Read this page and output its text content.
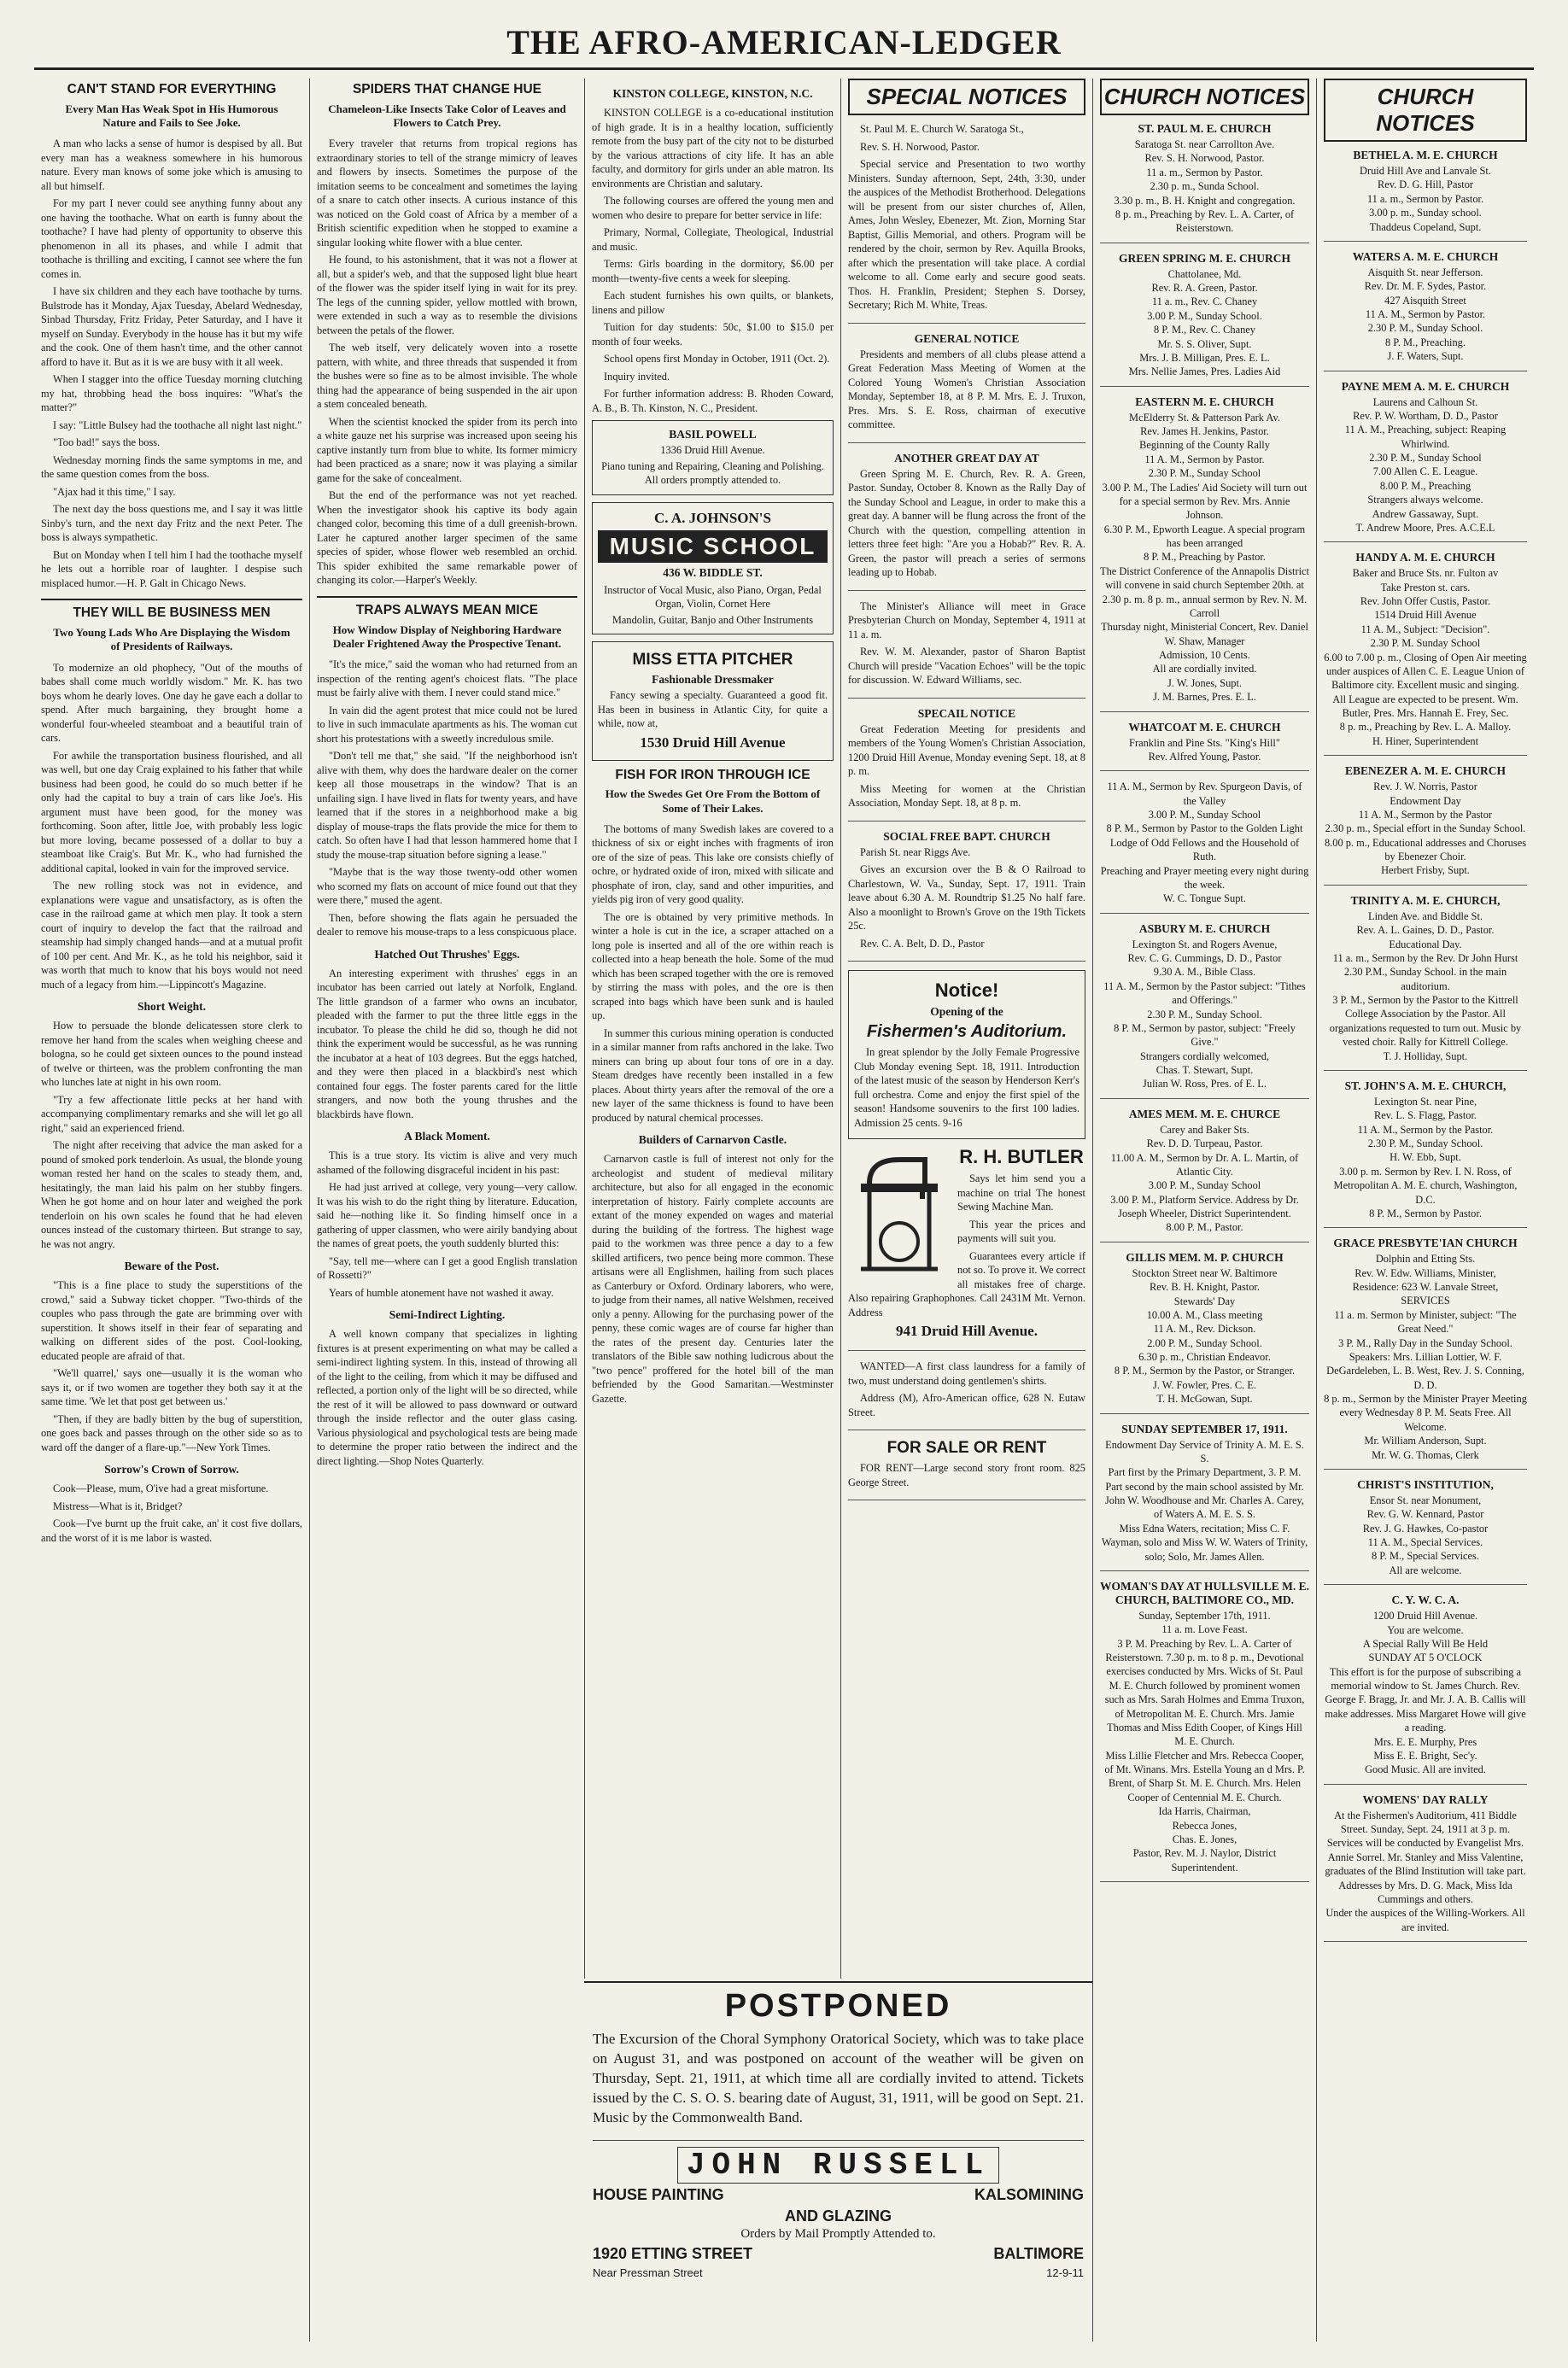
THE AFRO-AMERICAN-LEDGER
CAN'T STAND FOR EVERYTHING
Every Man Has Weak Spot in His Humorous Nature and Fails to See Joke.

A man who lacks a sense of humor is despised by all. But every man has a weakness somewhere in his humorous nature. Every man knows of some joke which is amusing to all but himself.

For my part I never could see anything funny about any one having the toothache. What on earth is funny about the toothache? I have had plenty of opportunity to observe this phenomenon in all its phases, and while I admit that toothache is thrilling and exciting, I cannot see where the fun comes in.

I have six children and they each have toothache by turns. Bulstrode has it Monday, Ajax Tuesday, Abelard Wednesday, Sinbad Thursday, Fritz Friday, Peter Saturday, and I have it myself on Sunday. Everybody in the house has it but my wife and the cook. One of them hasn't time, and the other cannot afford to have it. But as it is we are busy with it all week.

When I stagger into the office Tuesday morning clutching my hat, throbbing head the boss inquires: "What's the matter?"

I say: "Little Bulsey had the toothache all night last night."

"Too bad!" says the boss.

Wednesday morning finds the same symptoms in me, and the same question comes from the boss.

"Ajax had it this time," I say.

The next day the boss questions me, and I say it was little Sinby's turn, and the next day Fritz and the next Peter. The boss is always sympathetic.

But on Monday when I tell him I had the toothache myself he lets out a horrible roar of laughter. I despise such misplaced humor.—H. P. Galt in Chicago News.

THEY WILL BE BUSINESS MEN
Two Young Lads Who Are Displaying the Wisdom of Presidents of Railways.

To modernize an old phophecy, "Out of the mouths of babes shall come much worldly wisdom." Mr. K. has two boys whom he dearly loves. One day he gave each a dollar to spend. After much bargaining, they brought home a wonderful four-wheeled steamboat and a beautiful train of cars.

For awhile the transportation business flourished, and all was well, but one day Craig explained to his father that while business had been good, he could do so much better if he only had the capital to buy a train of cars like Joe's. His argument must have been good, for the money was forthcoming. Soon after, little Joe, with probably less logic but more loving, became possessed of a dollar to buy a steamboat like Craig's. But Mr. K., who had furnished the additional capital, looked in vain for the improved service.

The new rolling stock was not in evidence, and explanations were vague and unsatisfactory, as is often the case in the railroad game at which men play. It took a stern court of inquiry to develop the fact that the railroad and steamship had simply changed hands—and at a mutual profit of 100 per cent. And Mr. K., as he told his neighbor, said it was worth that much to know that his boys would not need much of a legacy from him.—Lippincott's Magazine.

Short Weight.

How to persuade the blonde delicatessen store clerk to remove her hand from the scales when weighing cheese and bologna, so he could get sixteen ounces to the pound instead of twelve or thirteen, was the problem confronting the man who lunches late at night in his own room.

"Try a few affectionate little pecks at her hand with accompanying complimentary remarks and she will let go all right," said an experienced friend.

The night after receiving that advice the man asked for a pound of smoked pork tenderloin. As usual, the blonde young woman rested her hand on the scales to steady them, and, hesitatingly, the man laid his palm on her stubby fingers. When he got home and on hour later and weighed the pork tenderloin on his own scales he found that he had eleven ounces instead of the customary thirteen. But strange to say, he was not angry.

Beware of the Post.

"This is a fine place to study the superstitions of the crowd," said a Subway ticket chopper. "Two-thirds of the couples who pass through the gate are brimming over with superstition. It shows itself in their fear of separating and walking on different sides of the post. Cool-looking, educated people are afraid of that.

"We'll quarrel,' says one—usually it is the woman who says it, or if two women are together they both say it at the same time. 'We let that post get between us.'

"Then, if they are badly bitten by the bug of superstition, one goes back and passes through on the other side so as to ward off the danger of a flare-up."—New York Times.

Sorrow's Crown of Sorrow.

Cook—Please, mum, O'ive had a great misfortune.

Mistress—What is it, Bridget?

Cook—I've burnt up the fruit cake, an' it cost five dollars, and the worst of it is me labor is wasted.

SPIDERS THAT CHANGE HUE
Chameleon-Like Insects Take Color of Leaves and Flowers to Catch Prey.

Every traveler that returns from tropical regions has extraordinary stories to tell of the strange mimicry of leaves and flowers by insects. Sometimes the purpose of the imitation seems to be concealment and sometimes the laying of a snare to catch other insects. A curious instance of this was noticed on the Gold coast of Africa by a member of a British scientific expedition when he stopped to examine a singular looking white flower with a blue center.

He found, to his astonishment, that it was not a flower at all, but a spider's web, and that the supposed light blue heart of the flower was the spider itself lying in wait for its prey. The legs of the cunning spider, yellow mottled with brown, were extended in such a way as to resemble the divisions between the petals of the flower.

The web itself, very delicately woven into a rosette pattern, with white, and three threads that suspended it from the bushes were so fine as to be almost invisible. The whole thing had the appearance of being suspended in the air upon a stem concealed beneath.

When the scientist knocked the spider from its perch into a white gauze net his surprise was increased upon seeing his captive instantly turn from blue to white. Its former mimicry had been practiced as a snare; now it was playing a similar game for the sake of concealment.

But the end of the performance was not yet reached. When the investigator shook his captive its body again changed color, becoming this time of a dull greenish-brown. Later he captured another larger specimen of the same species of spider, whose flower web resembled an orchid. This spider exhibited the same remarkable power of changing its color.—Harper's Weekly.

TRAPS ALWAYS MEAN MICE
How Window Display of Neighboring Hardware Dealer Frightened Away the Prospective Tenant.

"It's the mice," said the woman who had returned from an inspection of the renting agent's choicest flats. "The place must be fairly alive with them. I never could stand mice."

In vain did the agent protest that mice could not be lured to live in such immaculate apartments as his. The woman cut short his protestations with a sweetly incredulous smile.

"Don't tell me that," she said. "If the neighborhood isn't alive with them, why does the hardware dealer on the corner keep all those mousetraps in the window? That is an unfailing sign. I have lived in flats for twenty years, and have learned that if the stores in a neighborhood make a big display of mouse-traps the flats provide the mice for them to catch. So often have I had that lesson hammered home that I study the mouse-trap situation before signing a lease."

"Maybe that is the way those twenty-odd other women who scorned my flats on account of mice found out that they were there," mused the agent.

Then, before showing the flats again he persuaded the dealer to remove his mouse-traps to a less conspicuous place.

Hatched Out Thrushes' Eggs.

An interesting experiment with thrushes' eggs in an incubator has been carried out lately at Norfolk, England. The little grandson of a farmer who owns an incubator, pleaded with the farmer to put the three little eggs in the incubator. To please the child he did so, though he did not think the experiment would be successful, as he was running the incubator at a heat of 103 degrees. But the eggs hatched, and they were then placed in a blackbird's nest which contained four eggs. The foster parents cared for the little strangers, and now both the young thrushes and the blackbirds have flown.

A Black Moment.

This is a true story. Its victim is alive and very much ashamed of the following disgraceful incident in his past:

He had just arrived at college, very young—very callow. It was his wish to do the right thing by literature. Education, said he—nothing like it. So finding himself once in a gathering of upper classmen, who were airily bandying about the names of great poets, the youth suddenly blurted this:

"Say, tell me—where can I get a good English translation of Rossetti?"

Years of humble atonement have not washed it away.

Semi-Indirect Lighting.

A well known company that specializes in lighting fixtures is at present experimenting on what may be called a semi-indirect lighting system. In this, instead of throwing all of the light to the ceiling, from which it may be diffused and reflected, a portion only of the light will be so directed, while the rest of it will be allowed to pass downward or outward through the inside reflector and the outer glass casing. Various physiological and psychological tests are being made to determine the proper ratio between the indirect and the direct lighting.—Shop Notes Quarterly.

KINSTON COLLEGE, KINSTON, N.C.

KINSTON COLLEGE is a co-educational institution of high grade. It is in a healthy location, sufficiently remote from the busy part of the city not to be disturbed by the various attractions of city life. It has an able faculty, and dormitory for girls under an able matron. Its environments are Christian and salutary.

The following courses are offered the young men and women who desire to prepare for better service in life:

Primary, Normal, Collegiate, Theological, Industrial and music.

Terms: Girls boarding in the dormitory, $6.00 per month—twenty-five cents a week for sleeping.

Each student furnishes his own quilts, or blankets, linens and pillow

Tuition for day students: 50c, $1.00 to $15.0 per month of four weeks.

School opens first Monday in October, 1911 (Oct. 2).

Inquiry invited.

For further information address: B. Rhoden Coward, A. B., B. Th. Kinston, N. C., President.

BASIL POWELL

1336 Druid Hill Avenue.

Piano tuning and Repairing, Cleaning and Polishing. All orders promptly attended to.

C. A. JOHNSON'S
MUSIC SCHOOL
436 W. BIDDLE ST.

Instructor of Vocal Music, also Piano, Organ, Pedal Organ, Violin, Cornet Here

Mandolin, Guitar, Banjo and Other Instruments

MISS ETTA PITCHER
Fashionable Dressmaker

Fancy sewing a specialty. Guaranteed a good fit. Has been in business in Atlantic City, for quite a while, now at,

1530 Druid Hill Avenue
FISH FOR IRON THROUGH ICE
How the Swedes Get Ore From the Bottom of Some of Their Lakes.

The bottoms of many Swedish lakes are covered to a thickness of six or eight inches with fragments of iron ore of the size of peas. This lake ore consists chiefly of ochre, or hydrated oxide of iron, mixed with silicate and phosphate of iron, clay, sand and other impurities, and yields pig iron of very good quality.

The ore is obtained by very primitive methods. In winter a hole is cut in the ice, a scraper attached on a long pole is inserted and all of the ore within reach is collected into a heap beneath the hole. Some of the mud which has been scraped together with the ore is removed by stirring the mass with poles, and the ore is then scraped into bags which have been sunk and is hauled up.

In summer this curious mining operation is conducted in a similar manner from rafts anchored in the lake. Two miners can bring up about four tons of ore in a day. Steam dredges have recently been installed in a few places. About thirty years after the removal of the ore a new layer of the same thickness is found to have been produced by natural chemical processes.

Builders of Carnarvon Castle.

Carnarvon castle is full of interest not only for the archeologist and student of medieval military architecture, but also for all engaged in the economic interpretation of history. Fairly complete accounts are extant of the money expended on wages and material during the building of the fortress. The highest wage paid to the workmen was three pence a day to a few skilled artificers, two pence being more common. These artisans were all Englishmen, hailing from such places as Canterbury or Oxford. Ordinary laborers, who were, to judge from their names, all native Welshmen, received only a penny. Allowing for the purchasing power of the penny, these comic wages are of course far higher than the rates of the present day. Centuries later the translators of the Bible saw nothing ludicrous about the "two pence" proffered for the hotel bill of the man befriended by the Good Samaritan.—Westminster Gazette.

SPECIAL NOTICES

St. Paul M. E. Church W. Saratoga St.,

Rev. S. H. Norwood, Pastor.

Special service and Presentation to two worthy Ministers. Sunday afternoon, Sept, 24th, 3:30, under the auspices of the Methodist Brotherhood. Delegations will be present from our sister churches of, Allen, Ames, John Wesley, Ebenezer, Mt. Zion, Morning Star Baptist, Gillis Memorial, and others. Program will be rendered by the choir, sermon by Rev. Aquilla Brooks, after which the presentation will take place. A cordial welcome to all. Come early and secure good seats. Thos. H. Franklin, President; Stephen S. Dorsey, Secretary; Rich M. White, Treas.

GENERAL NOTICE

Presidents and members of all clubs please attend a Great Federation Mass Meeting of Women at the Colored Young Women's Christian Association Monday, September 18, at 8 P. M. Mrs. E. J. Truxon, Pres. Mrs. S. E. Ross, chairman of executive committee.

ANOTHER GREAT DAY AT

Green Spring M. E. Church, Rev. R. A. Green, Pastor. Sunday, October 8. Known as the Rally Day of the Sunday School and League, in order to make this a great day. A banner will be flung across the front of the Church with the question, compelling attention in letters three feet high: "Are you a Hobab?" Rev. R. A. Green, the pastor will preach a series of sermons leading up to Hobab.

The Minister's Alliance will meet in Grace Presbyterian Church on Monday, September 4, 1911 at 11 a. m.

Rev. W. M. Alexander, pastor of Sharon Baptist Church will preside "Vacation Echoes" will be the topic for discussion. W. Edward Williams, sec.

SPECAIL NOTICE

Great Federation Meeting for presidents and members of the Young Women's Christian Association, 1200 Druid Hill Avenue, Monday evening Sept. 18, at 8 p. m.

Miss Meeting for women at the Christian Association, Monday Sept. 18, at 8 p. m.

SOCIAL FREE BAPT. CHURCH

Parish St. near Riggs Ave.

Gives an excursion over the B & O Railroad to Charlestown, W. Va., Sunday, Sept. 17, 1911. Train leave about 6.30 A. M. Roundtrip $1.25 No half fare. Also a moonlight to Brown's Grove on the 19th Tickets 25c.

Rev. C. A. Belt, D. D., Pastor

Notice!
Opening of the
Fishermen's Auditorium.

In great splendor by the Jolly Female Progressive Club Monday evening Sept. 18, 1911. Introduction of the latest music of the season by Henderson Kerr's full orchestra. Come and enjoy the first spiel of the season! Handsome souvenirs to the first 100 ladies. Admission 25 cents. 9-16

R. H. BUTLER

Says let him send you a machine on trial The honest Sewing Machine Man.

This year the prices and payments will suit you.

Guarantees every article if not so. To prove it. We correct all mistakes free of charge. Also repairing Graphophones. Call 2431M Mt. Vernon. Address

941 Druid Hill Avenue.

WANTED—A first class laundress for a family of two, must understand doing gentlemen's shirts.

Address (M), Afro-American office, 628 N. Eutaw Street.

FOR SALE OR RENT

FOR RENT—Large second story front room. 825 George Street.

CHURCH NOTICES
ST. PAUL M. E. CHURCH
Saratoga St. near Carrollton Ave.
Rev. S. H. Norwood, Pastor.
11 a. m., Sermon by Pastor.
2.30 p. m., Sunda School.
3.30 p. m., B. H. Knight and congregation.
8 p. m., Preaching by Rev. L. A. Carter, of Reisterstown.
GREEN SPRING M. E. CHURCH
Chattolanee, Md.
Rev. R. A. Green, Pastor.
11 a. m., Rev. C. Chaney
3.00 P. M., Sunday School.
8 P. M., Rev. C. Chaney
Mr. S. S. Oliver, Supt.
Mrs. J. B. Milligan, Pres. E. L.
Mrs. Nellie James, Pres. Ladies Aid
EASTERN M. E. CHURCH
McElderry St. & Patterson Park Av.
Rev. James H. Jenkins, Pastor.
Beginning of the County Rally
11 A. M., Sermon by Pastor.
2.30 P. M., Sunday School
3.00 P. M., The Ladies' Aid Society will turn out for a special sermon by Rev. Mrs. Annie Johnson.
6.30 P. M., Epworth League. A special program has been arranged
8 P. M., Preaching by Pastor.
The District Conference of the Annapolis District will convene in said church September 20th. at 2.30 p. m. 8 p. m., annual sermon by Rev. N. M. Carroll
Thursday night, Ministerial Concert, Rev. Daniel W. Shaw, Manager
Admission, 10 Cents.
All are cordially invited.
J. W. Jones, Supt.
J. M. Barnes, Pres. E. L.
WHATCOAT M. E. CHURCH
Franklin and Pine Sts. "King's Hill"
Rev. Alfred Young, Pastor.
11 A. M., Sermon by Rev. Spurgeon Davis, of the Valley
3.00 P. M., Sunday School
8 P. M., Sermon by Pastor to the Golden Light Lodge of Odd Fellows and the Household of Ruth.
Preaching and Prayer meeting every night during the week.
W. C. Tongue Supt.
ASBURY M. E. CHURCH
Lexington St. and Rogers Avenue,
Rev. C. G. Cummings, D. D., Pastor
9.30 A. M., Bible Class.
11 A. M., Sermon by the Pastor subject: "Tithes and Offerings."
2.30 P. M., Sunday School.
8 P. M., Sermon by pastor, subject: "Freely Give."
Strangers cordially welcomed,
Chas. T. Stewart, Supt.
Julian W. Ross, Pres. of E. L.
AMES MEM. M. E. CHURCE
Carey and Baker Sts.
Rev. D. D. Turpeau, Pastor.
11.00 A. M., Sermon by Dr. A. L. Martin, of Atlantic City.
3.00 P. M., Sunday School
3.00 P. M., Platform Service. Address by Dr. Joseph Wheeler, District Superintendent.
8.00 P. M., Pastor.
GILLIS MEM. M. P. CHURCH
Stockton Street near W. Baltimore
Rev. B. H. Knight, Pastor.
Stewards' Day
10.00 A. M., Class meeting
11 A. M., Rev. Dickson.
2.00 P. M., Sunday School.
6.30 p. m., Christian Endeavor.
8 P. M., Sermon by the Pastor, or Stranger.
J. W. Fowler, Pres. C. E.
T. H. McGowan, Supt.
SUNDAY SEPTEMBER 17, 1911.
Endowment Day Service of Trinity A. M. E. S. S.
Part first by the Primary Department, 3. P. M. Part second by the main school assisted by Mr. John W. Woodhouse and Mr. Charles A. Carey, of Waters A. M. E. S. S.
Miss Edna Waters, recitation; Miss C. F. Wayman, solo and Miss W. W. Waters of Trinity, solo; Solo, Mr. James Allen.
WOMAN'S DAY AT HULLSVILLE M. E. CHURCH, BALTIMORE CO., MD.
Sunday, September 17th, 1911.
11 a. m. Love Feast.
3 P. M. Preaching by Rev. L. A. Carter of Reisterstown. 7.30 p. m. to 8 p. m., Devotional exercises conducted by Mrs. Wicks of St. Paul M. E. Church followed by prominent women such as Mrs. Sarah Holmes and Emma Truxon, of Metropolitan M. E. Church. Mrs. Jamie Thomas and Miss Edith Cooper, of Kings Hill M. E. Church.
Miss Lillie Fletcher and Mrs. Rebecca Cooper, of Mt. Winans. Mrs. Estella Young an d Mrs. P. Brent, of Sharp St. M. E. Church. Mrs. Helen Cooper of Centennial M. E. Church.
Ida Harris, Chairman,
Rebecca Jones,
Chas. E. Jones,
Pastor, Rev. M. J. Naylor, District Superintendent.
CHURCH NOTICES
BETHEL A. M. E. CHURCH
Druid Hill Ave and Lanvale St.
Rev. D. G. Hill, Pastor
11 a. m., Sermon by Pastor.
3.00 p. m., Sunday school.
Thaddeus Copeland, Supt.
WATERS A. M. E. CHURCH
Aisquith St. near Jefferson.
Rev. Dr. M. F. Sydes, Pastor.
427 Aisquith Street
11 A. M., Sermon by Pastor.
2.30 P. M., Sunday School.
8 P. M., Preaching.
J. F. Waters, Supt.
PAYNE MEM A. M. E. CHURCH
Laurens and Calhoun St.
Rev. P. W. Wortham, D. D., Pastor
11 A. M., Preaching, subject: Reaping Whirlwind.
2.30 P. M., Sunday School
7.00 Allen C. E. League.
8.00 P. M., Preaching
Strangers always welcome.
Andrew Gassaway, Supt.
T. Andrew Moore, Pres. A.C.E.L
HANDY A. M. E. CHURCH
Baker and Bruce Sts. nr. Fulton av
Take Preston st. cars.
Rev. John Offer Custis, Pastor.
1514 Druid Hill Avenue
11 A. M., Subject: "Decision".
2.30 P. M. Sunday School
6.00 to 7.00 p. m., Closing of Open Air meeting under auspices of Allen C. E. League Union of Baltimore city. Excellent music and singing. All League are expected to be present. Wm. Butler, Pres. Mrs. Hannah E. Frey, Sec.
8 p. m., Preaching by Rev. L. A. Malloy.
H. Hiner, Superintendent
EBENEZER A. M. E. CHURCH
Rev. J. W. Norris, Pastor
Endowment Day
11 A. M., Sermon by the Pastor
2.30 p. m., Special effort in the Sunday School.
8.00 p. m., Educational addresses and Choruses by Ebenezer Choir.
Herbert Frisby, Supt.
TRINITY A. M. E. CHURCH,
Linden Ave. and Biddle St.
Rev. A. L. Gaines, D. D., Pastor.
Educational Day.
11 a. m., Sermon by the Rev. Dr John Hurst
2.30 P.M., Sunday School. in the main auditorium.
3 P. M., Sermon by the Pastor to the Kittrell College Association by the Pastor. All organizations requested to turn out. Music by vested choir. Rally for Kittrell College.
T. J. Holliday, Supt.
ST. JOHN'S A. M. E. CHURCH,
Lexington St. near Pine,
Rev. L. S. Flagg, Pastor.
11 A. M., Sermon by the Pastor.
2.30 P. M., Sunday School.
H. W. Ebb, Supt.
3.00 p. m. Sermon by Rev. I. N. Ross, of Metropolitan A. M. E. church, Washington, D.C.
8 P. M., Sermon by Pastor.
GRACE PRESBYTE'IAN CHURCH
Dolphin and Etting Sts.
Rev. W. Edw. Williams, Minister,
Residence: 623 W. Lanvale Street,
SERVICES
11 a. m. Sermon by Minister, subject: "The Great Need."
3 P. M., Rally Day in the Sunday School.
Speakers: Mrs. Lillian Lottier, W. F. DeGardeleben, L. B. West, Rev. J. S. Conning, D. D.
8 p. m., Sermon by the Minister Prayer Meeting every Wednesday 8 P. M. Seats Free. All Welcome.
Mr. William Anderson, Supt.
Mr. W. G. Thomas, Clerk
CHRIST'S INSTITUTION,
Ensor St. near Monument,
Rev. G. W. Kennard, Pastor
Rev. J. G. Hawkes, Co-pastor
11 A. M., Special Services.
8 P. M., Special Services.
All are welcome.
C. Y. W. C. A.
1200 Druid Hill Avenue.
You are welcome.
A Special Rally Will Be Held
SUNDAY AT 5 O'CLOCK
This effort is for the purpose of subscribing a memorial window to St. James Church. Rev. George F. Bragg, Jr. and Mr. J. A. B. Callis will make addresses. Miss Margaret Howe will give a reading.
Mrs. E. E. Murphy, Pres
Miss E. E. Bright, Sec'y.
Good Music. All are invited.
WOMENS' DAY RALLY
At the Fishermen's Auditorium, 411 Biddle Street. Sunday, Sept. 24, 1911 at 3 p. m.
Services will be conducted by Evangelist Mrs. Annie Sorrel. Mr. Stanley and Miss Valentine, graduates of the Blind Institution will take part.
Addresses by Mrs. D. G. Mack, Miss Ida Cummings and others.
Under the auspices of the Willing-Workers. All are invited.
POSTPONED
The Excursion of the Choral Symphony Oratorical Society, which was to take place on August 31, and was postponed on account of the weather will be given on Thursday, Sept. 21, 1911, at which time all are cordially invited to attend. Tickets issued by the C. S. O. S. bearing date of August, 31, 1911, will be good on Sept. 21. Music by the Commonwealth Band.
JOHN RUSSELL
HOUSE PAINTING	KALSOMINING
AND GLAZING
Orders by Mail Promptly Attended to.
1920 ETTING STREET	BALTIMORE
Near Pressman Street	12-9-11
